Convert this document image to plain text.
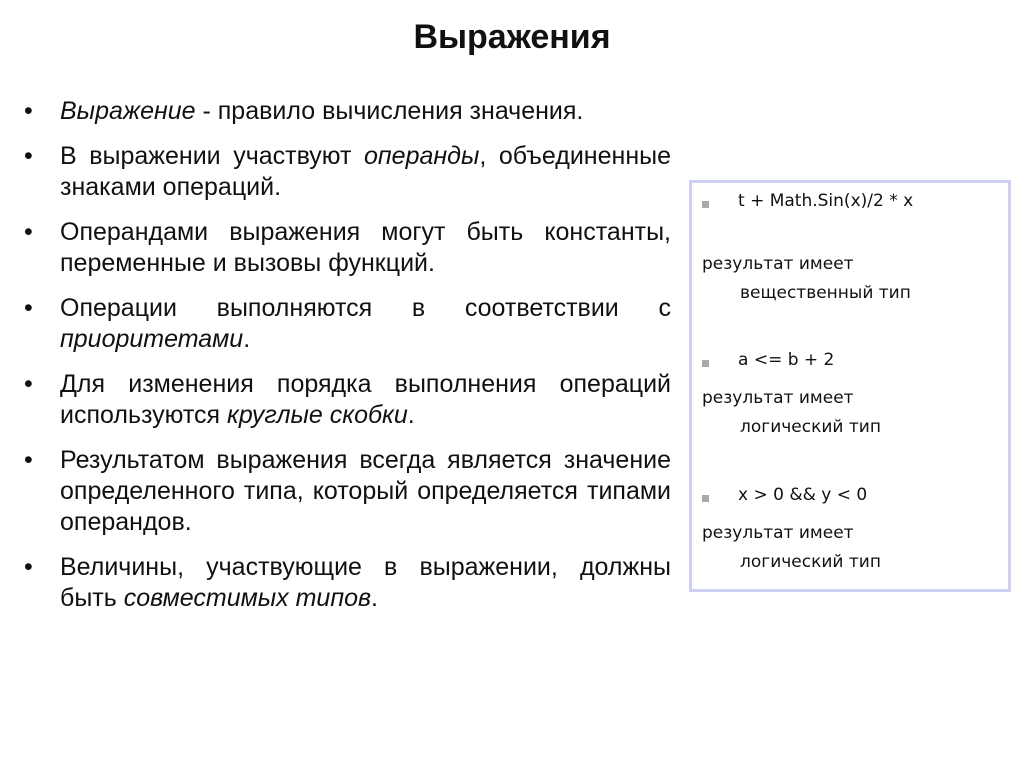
Выражения
• Выражение - правило вычисления значения.
• В выражении участвуют операнды, объединенные знаками операций.
• Операндами выражения могут быть константы, переменные и вызовы функций.
• Операции выполняются в соответствии с приоритетами.
• Для изменения порядка выполнения операций используются круглые скобки.
• Результатом выражения всегда является значение определенного типа, который определяется типами операндов.
• Величины, участвующие в выражении, должны быть совместимых типов.
t + Math.Sin(x)/2 * x
результат имеет
вещественный тип
a <= b + 2
результат имеет
логический тип
x > 0 && y < 0
результат имеет
логический тип
